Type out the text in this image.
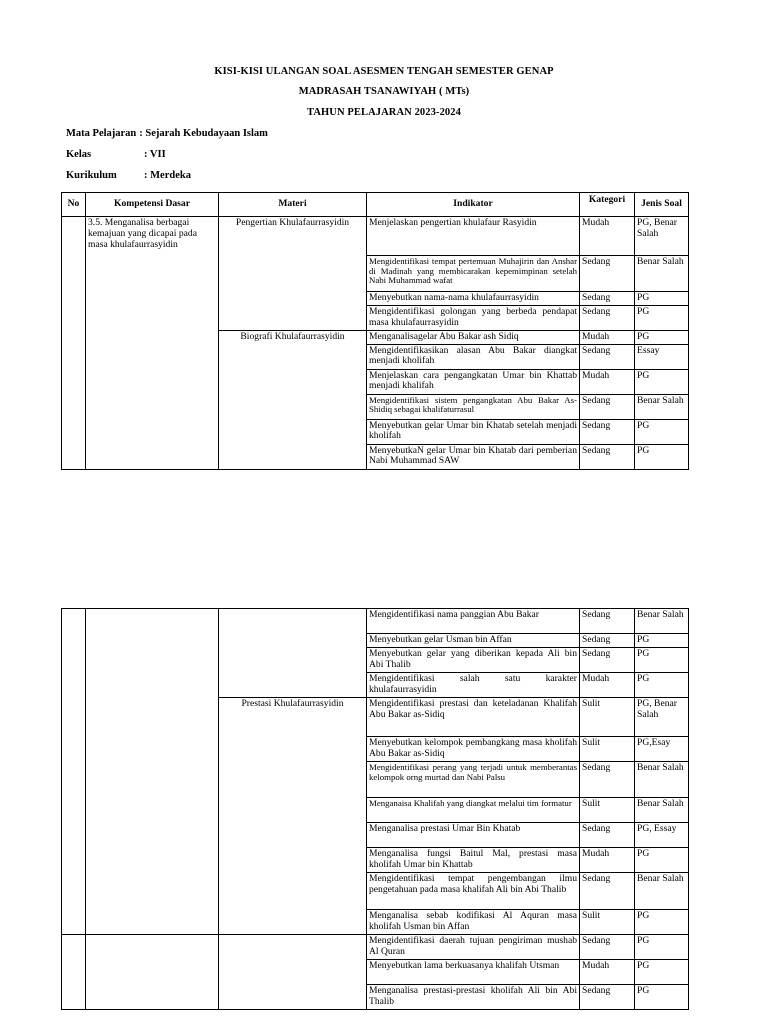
KISI-KISI ULANGAN SOAL ASESMEN TENGAH SEMESTER GENAP
MADRASAH TSANAWIYAH ( MTs)
TAHUN PELAJARAN 2023-2024
Mata Pelajaran : Sejarah Kebudayaan Islam
Kelas	: VII
Kurikulum	: Merdeka
No	Kompetensi Dasar	Materi	Indikator	Kategori	Jenis Soal
	3.5. Menganalisa berbagai kemajuan yang dicapai pada masa khulafaurrasyidin	Pengertian Khulafaurrasyidin	Menjelaskan pengertian khulafaur Rasyidin	Mudah	PG, Benar Salah
			Mengidentifikasi tempat pertemuan Muhajirin dan Anshar di Madinah yang membicarakan kepemimpinan setelah Nabi Muhammad wafat	Sedang	Benar Salah
			Menyebutkan nama-nama khulafaurrasyidin	Sedang	PG
			Mengidentifikasi golongan yang berbeda pendapat masa khulafaurrasyidin	Sedang	PG
		Biografi Khulafaurrasyidin	Menganalisagelar Abu Bakar ash Sidiq	Mudah	PG
			Mengidentifikasikan alasan Abu Bakar diangkat menjadi kholifah	Sedang	Essay
			Menjelaskan cara pengangkatan Umar bin Khattab menjadi khalifah	Mudah	PG
			Mengidentifikasi sistem pengangkatan Abu Bakar As-Shidiq sebagai khalifaturrasul	Sedang	Benar Salah
			Menyebutkan gelar Umar bin Khatab setelah menjadi kholifah	Sedang	PG
			MenyebutkaN gelar Umar bin Khatab dari pemberian Nabi Muhammad SAW	Sedang	PG
			Mengidentifikasi nama panggian Abu Bakar	Sedang	Benar Salah
			Menyebutkan gelar Usman bin Affan	Sedang	PG
			Menyebutkan gelar yang diberikan kepada Ali bin Abi Thalib	Sedang	PG
			Mengidentifikasi salah satu karakter khulafaurrasyidin	Mudah	PG
		Prestasi Khulafaurrasyidin	Mengidentifikasi prestasi dan keteladanan Khalifah Abu Bakar as-Sidiq	Sulit	PG, Benar Salah
			Menyebutkan kelompok pembangkang masa kholifah Abu Bakar as-Sidiq	Sulit	PG,Esay
			Mengidentifikasi perang yang terjadi untuk memberantas kelompok orng murtad dan Nabi Palsu	Sedang	Benar Salah
			Menganaisa Khalifah yang diangkat melalui tim formatur	Sulit	Benar Salah
			Menganalisa prestasi Umar Bin Khatab	Sedang	PG, Essay
			Menganalisa fungsi Baitul Mal, prestasi masa kholifah Umar bin Khattab	Mudah	PG
			Mengidentifikasi tempat pengembangan ilmu pengetahuan pada masa khalifah Ali bin Abi Thalib	Sedang	Benar Salah
			Menganalisa sebab kodifikasi Al Aquran masa kholifah Usman bin Affan	Sulit	PG
			Mengidentifikasi daerah tujuan pengiriman mushab Al Quran	Sedang	PG
			Menyebutkan lama berkuasanya khalifah Utsman	Mudah	PG
			Menganalisa prestasi-prestasi kholifah Ali bin Abi Thalib	Sedang	PG
